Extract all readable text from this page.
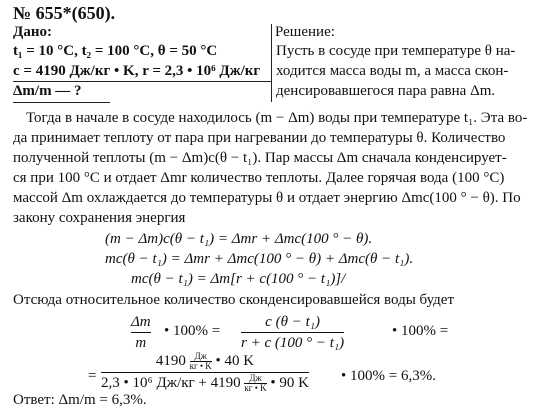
№ 655*(650).
Дано:
t₁ = 10 °C, t₂ = 100 °C, θ = 50 °C
c = 4190 Дж/кг • K, r = 2,3 • 10⁶ Дж/кг
Δm/m — ?
Решение:
Пусть в сосуде при температуре θ на-
ходится масса воды m, а масса скон-
денсировавшегося пара равна Δm.
Тогда в начале в сосуде находилось (m − Δm) воды при температуре t₁. Эта во-
да принимает теплоту от пара при нагревании до температуры θ. Количество
полученной теплоты (m − Δm)c(θ − t₁). Пар массы Δm сначала конденсирует-
ся при 100 °C и отдает Δmr количество теплоты. Далее горячая вода (100 °C)
массой Δm охлаждается до температуры θ и отдает энергию Δmc(100 ° − θ). По
закону сохранения энергия
(m − Δm)c(θ − t₁) = Δmr + Δmc(100 ° − θ).
mc(θ − t₁) = Δmr + Δmc(100 ° − θ) + Δmc(θ − t₁).
mc(θ − t₁) = Δm[r + c(100 ° − t₁)]/
Отсюда относительное количество сконденсировавшейся воды будет
Δm
m
• 100% =
c (θ − t₁)
r + c (100 ° − t₁)
• 100% =
=
4190 Дж
кг • K • 40 K
2,3 • 10⁶ Дж/кг + 4190 Дж
кг • K • 90 K • 100% = 6,3%.
Ответ: Δm/m = 6,3%.
